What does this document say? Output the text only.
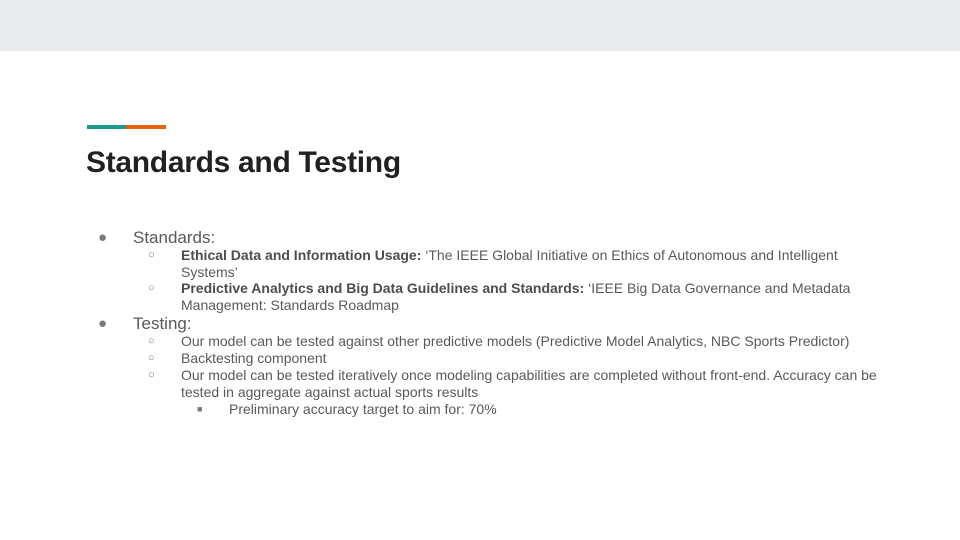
Standards and Testing
● Standards:
○ Ethical Data and Information Usage: ‘The IEEE Global Initiative on Ethics of Autonomous and Intelligent Systems’
○ Predictive Analytics and Big Data Guidelines and Standards: ‘IEEE Big Data Governance and Metadata Management: Standards Roadmap
● Testing:
○ Our model can be tested against other predictive models (Predictive Model Analytics, NBC Sports Predictor)
○ Backtesting component
○ Our model can be tested iteratively once modeling capabilities are completed without front-end. Accuracy can be tested in aggregate against actual sports results
■ Preliminary accuracy target to aim for: 70%
